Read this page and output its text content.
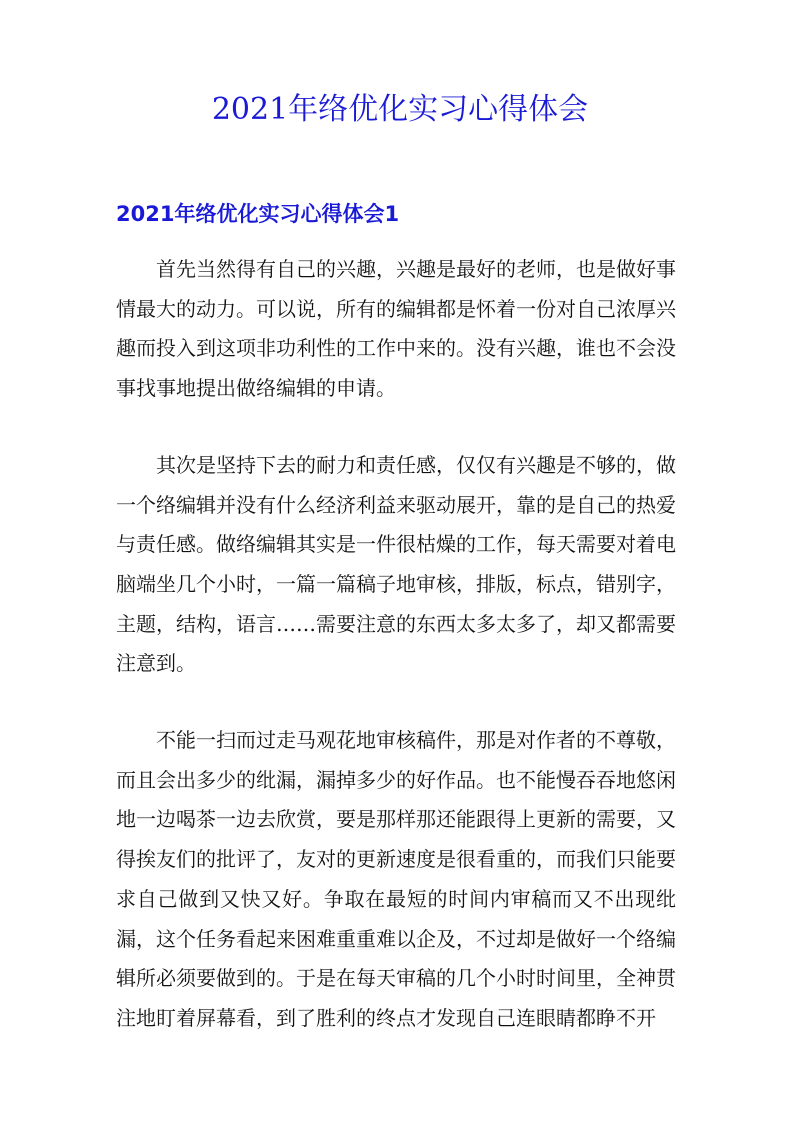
2021年络优化实习心得体会
2021年络优化实习心得体会1

首先当然得有自己的兴趣，兴趣是最好的老师，也是做好事情最大的动力。可以说，所有的编辑都是怀着一份对自己浓厚兴趣而投入到这项非功利性的工作中来的。没有兴趣，谁也不会没事找事地提出做络编辑的申请。

其次是坚持下去的耐力和责任感，仅仅有兴趣是不够的，做一个络编辑并没有什么经济利益来驱动展开，靠的是自己的热爱与责任感。做络编辑其实是一件很枯燥的工作，每天需要对着电脑端坐几个小时，一篇一篇稿子地审核，排版，标点，错别字，主题，结构，语言……需要注意的东西太多太多了，却又都需要注意到。

不能一扫而过走马观花地审核稿件，那是对作者的不尊敬，而且会出多少的纰漏，漏掉多少的好作品。也不能慢吞吞地悠闲地一边喝茶一边去欣赏，要是那样那还能跟得上更新的需要，又得挨友们的批评了，友对的更新速度是很看重的，而我们只能要求自己做到又快又好。争取在最短的时间内审稿而又不出现纰漏，这个任务看起来困难重重难以企及，不过却是做好一个络编辑所必须要做到的。于是在每天审稿的几个小时时间里，全神贯注地盯着屏幕看，到了胜利的终点才发现自己连眼睛都睁不开
